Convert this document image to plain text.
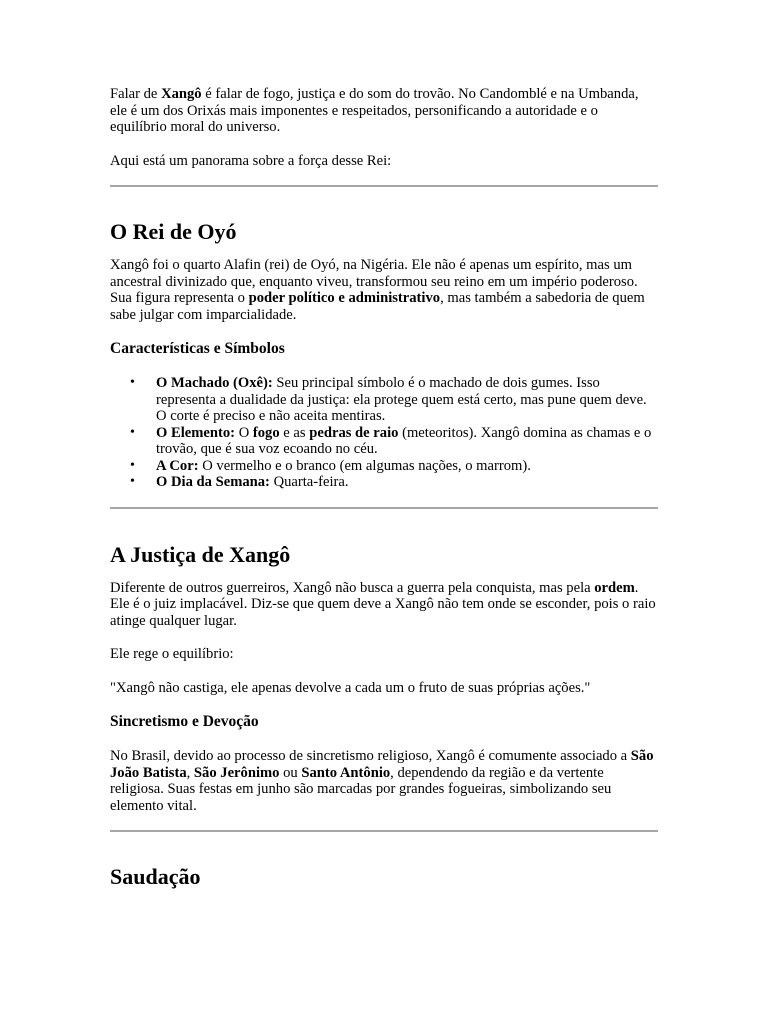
Falar de Xangô é falar de fogo, justiça e do som do trovão. No Candomblé e na Umbanda, ele é um dos Orixás mais imponentes e respeitados, personificando a autoridade e o equilíbrio moral do universo.

Aqui está um panorama sobre a força desse Rei:

O Rei de Oyó

Xangô foi o quarto Alafin (rei) de Oyó, na Nigéria. Ele não é apenas um espírito, mas um ancestral divinizado que, enquanto viveu, transformou seu reino em um império poderoso. Sua figura representa o poder político e administrativo, mas também a sabedoria de quem sabe julgar com imparcialidade.

Características e Símbolos
• O Machado (Oxê): Seu principal símbolo é o machado de dois gumes. Isso representa a dualidade da justiça: ela protege quem está certo, mas pune quem deve. O corte é preciso e não aceita mentiras.
• O Elemento: O fogo e as pedras de raio (meteoritos). Xangô domina as chamas e o trovão, que é sua voz ecoando no céu.
• A Cor: O vermelho e o branco (em algumas nações, o marrom).
• O Dia da Semana: Quarta-feira.
A Justiça de Xangô

Diferente de outros guerreiros, Xangô não busca a guerra pela conquista, mas pela ordem. Ele é o juiz implacável. Diz-se que quem deve a Xangô não tem onde se esconder, pois o raio atinge qualquer lugar.

Ele rege o equilíbrio:

"Xangô não castiga, ele apenas devolve a cada um o fruto de suas próprias ações."

Sincretismo e Devoção

No Brasil, devido ao processo de sincretismo religioso, Xangô é comumente associado a São João Batista, São Jerônimo ou Santo Antônio, dependendo da região e da vertente religiosa. Suas festas em junho são marcadas por grandes fogueiras, simbolizando seu elemento vital.

Saudação
